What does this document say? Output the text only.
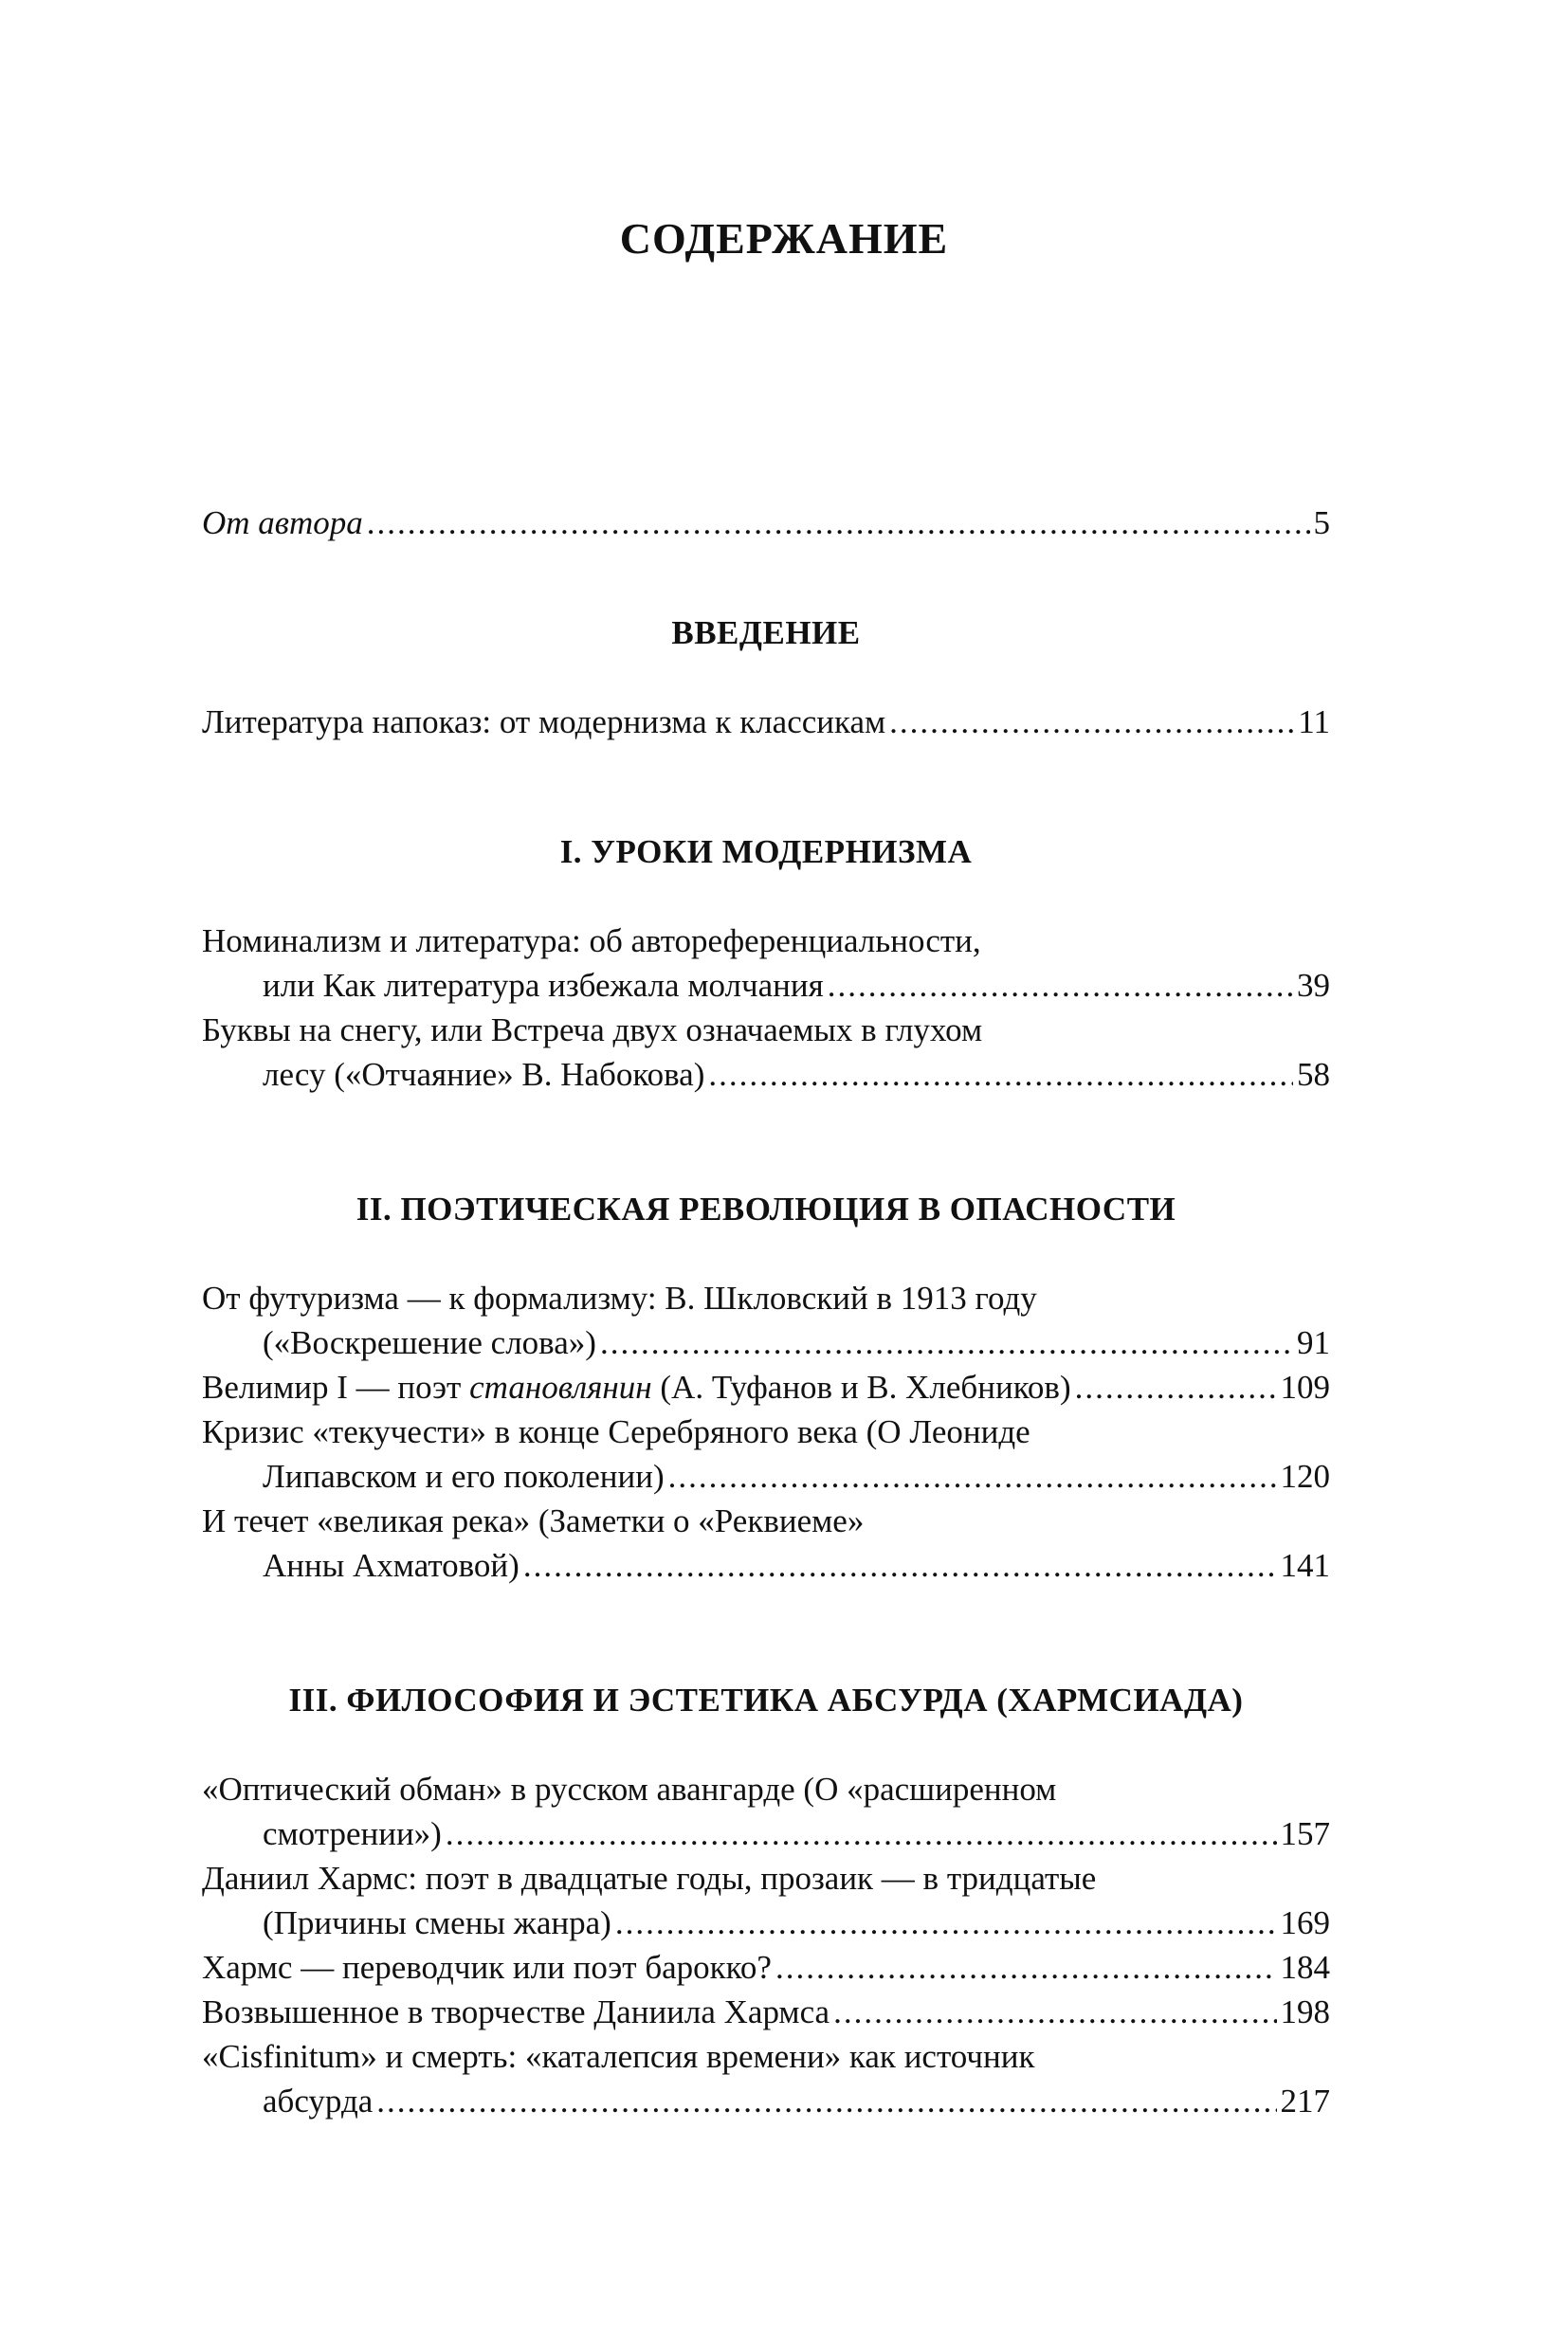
СОДЕРЖАНИЕ
От автора .....	5
ВВЕДЕНИЕ
Литература напоказ: от модернизма к классикам .....	11
I. УРОКИ МОДЕРНИЗМА
Номинализм и литература: об автореференциальности,
или Как литература избежала молчания .....	39
Буквы на снегу, или Встреча двух означаемых в глухом
лесу («Отчаяние» В. Набокова) .....	58
II. ПОЭТИЧЕСКАЯ РЕВОЛЮЦИЯ В ОПАСНОСТИ
От футуризма — к формализму: В. Шкловский в 1913 году
(«Воскрешение слова») .....	91
Велимир I — поэт становлянин (А. Туфанов и В. Хлебников) .....	109
Кризис «текучести» в конце Серебряного века (О Леониде
Липавском и его поколении) .....	120
И течет «великая река» (Заметки о «Реквиеме»
Анны Ахматовой) .....	141
III. ФИЛОСОФИЯ И ЭСТЕТИКА АБСУРДА (ХАРМСИАДА)
«Оптический обман» в русском авангарде (О «расширенном
смотрении») .....	157
Даниил Хармс: поэт в двадцатые годы, прозаик — в тридцатые
(Причины смены жанра) .....	169
Хармс — переводчик или поэт барокко? .....	184
Возвышенное в творчестве Даниила Хармса .....	198
«Cisfinitum» и смерть: «каталепсия времени» как источник
абсурда .....	217
